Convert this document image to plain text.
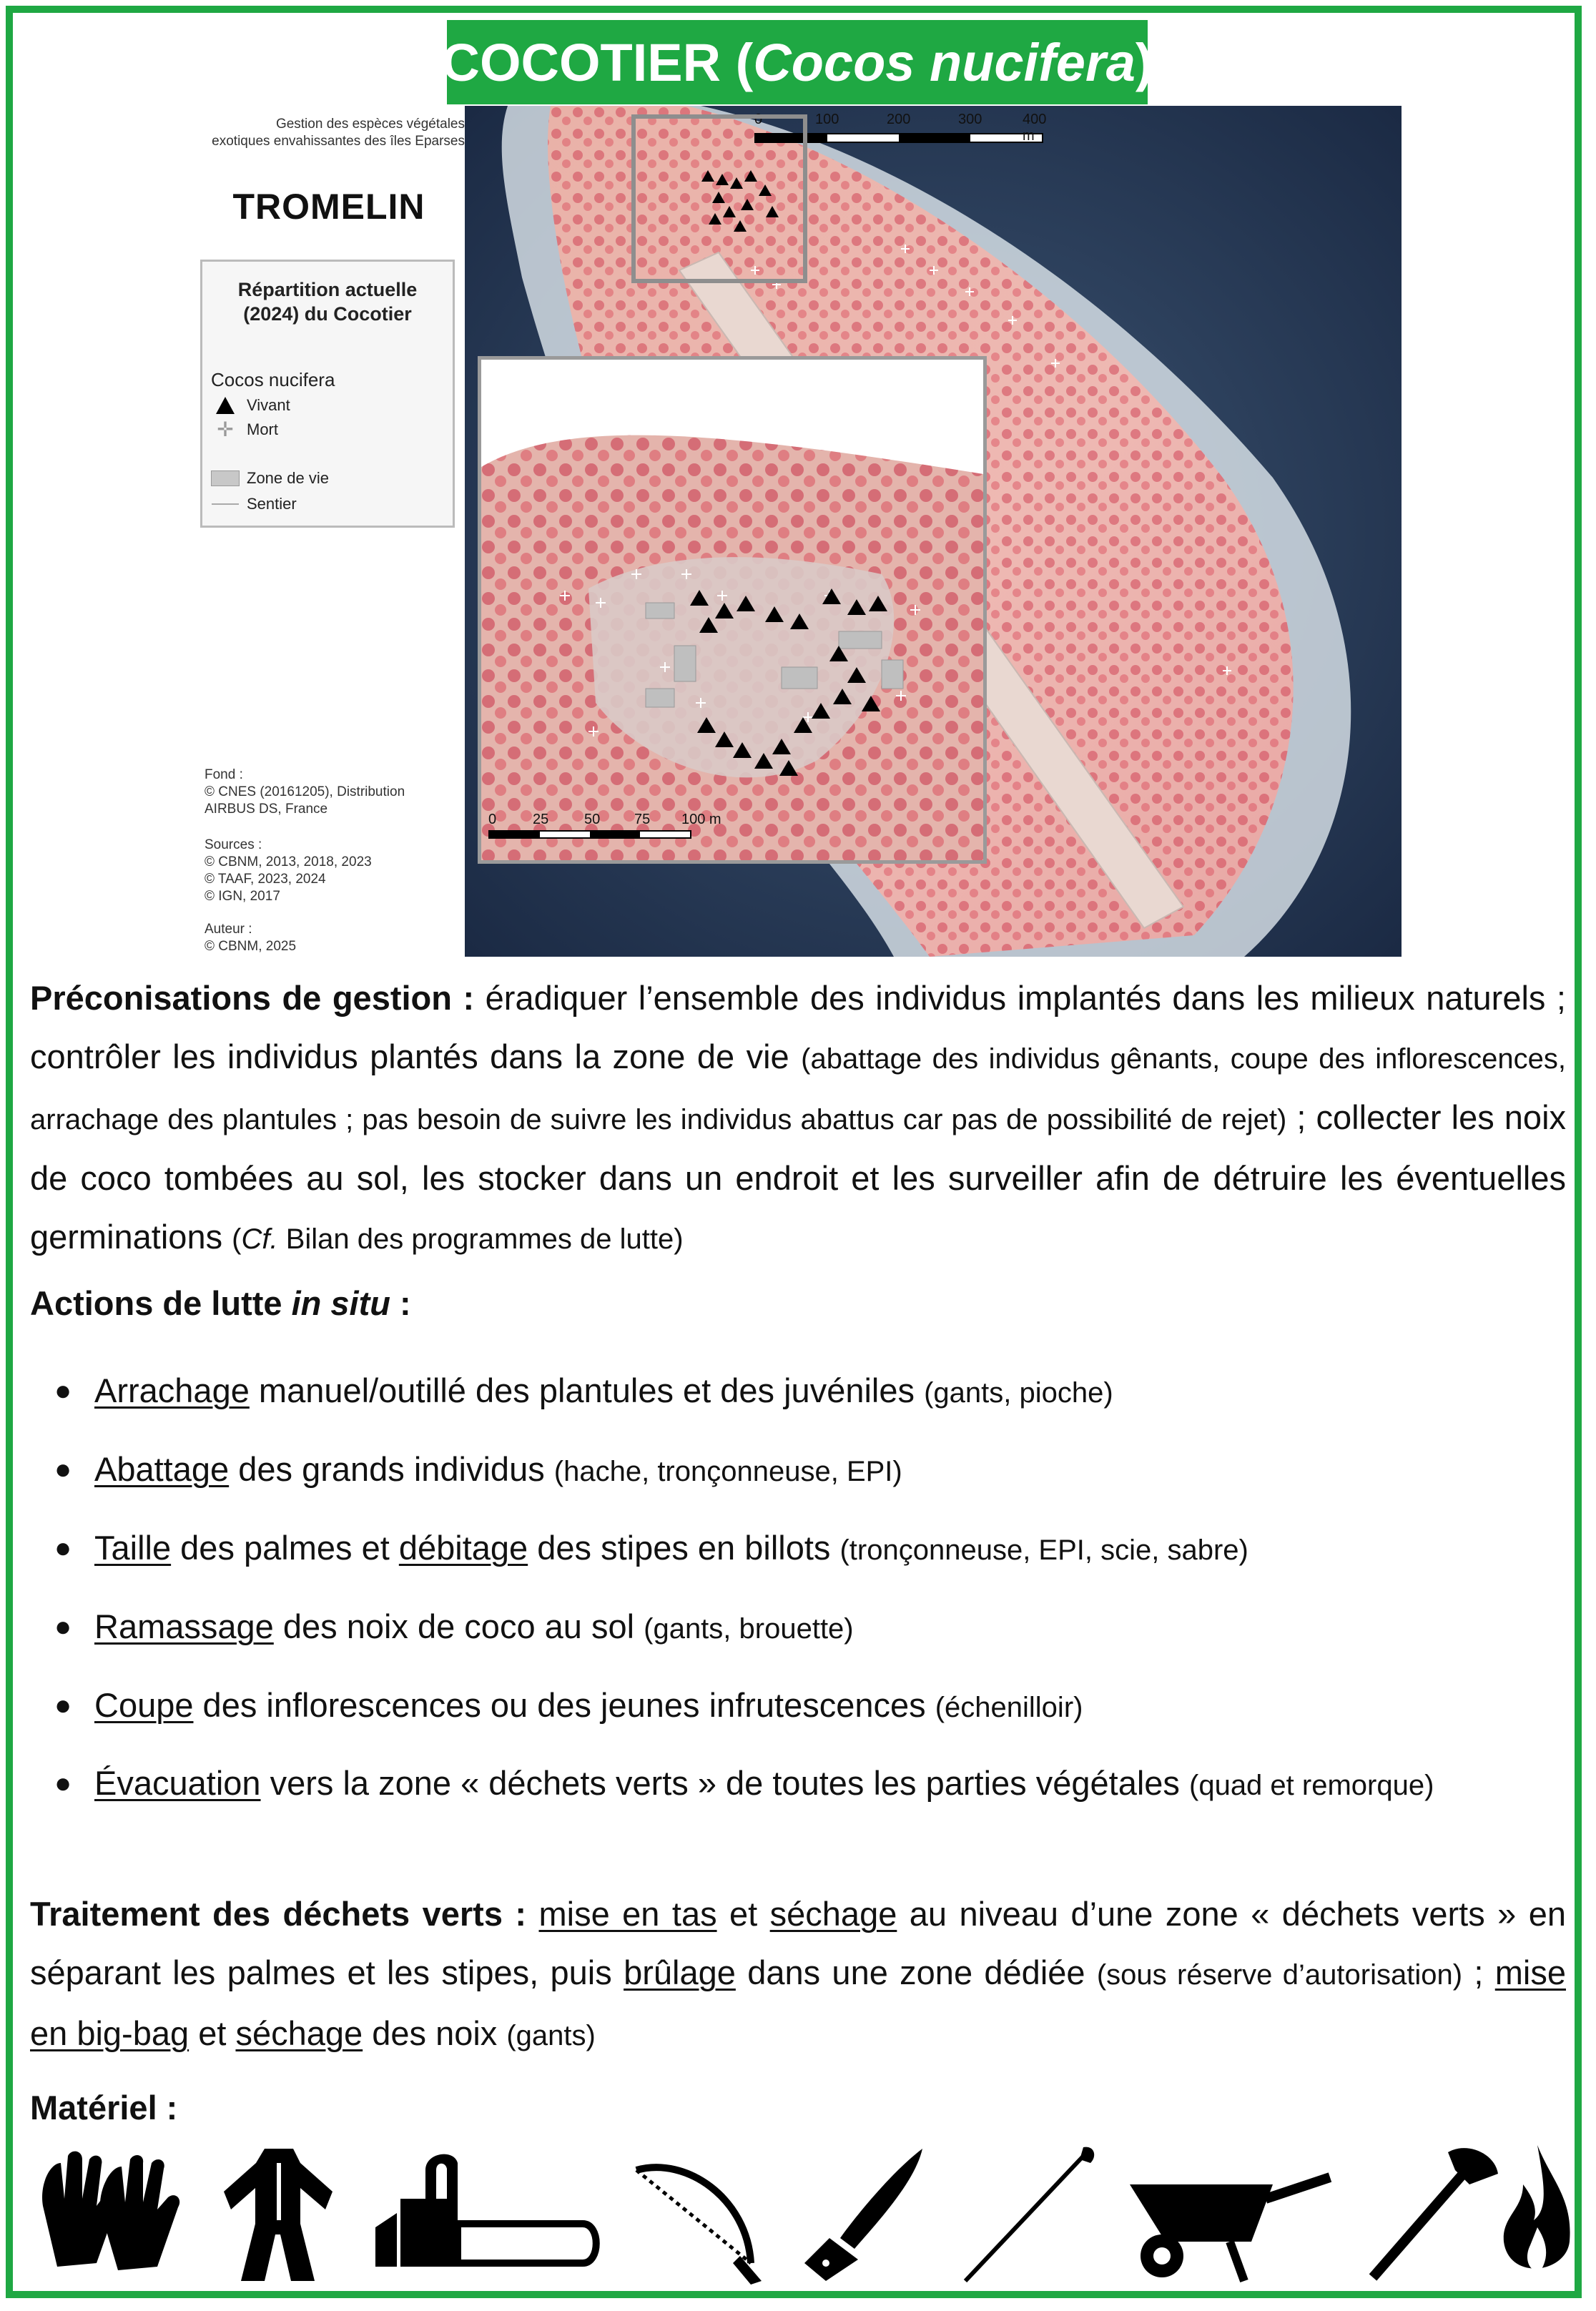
COCOTIER ( Cocos nucifera )
Gestion des espèces végétales
exotiques envahissantes des îles Eparses
TROMELIN
Répartition actuelle
(2024) du Cocotier
Cocos nucifera
Vivant
✛ Mort
Zone de vie
Sentier
Fond :
© CNES (20161205), Distribution
AIRBUS DS, France
Sources :
© CBNM, 2013, 2018, 2023
© TAAF, 2023, 2024
© IGN, 2017
Auteur :
© CBNM, 2025
0	100	200	300	400 m
0	25 50 75 100 m
Préconisations de gestion : éradiquer l’ensemble des individus implantés dans les milieux naturels ; contrôler les individus plantés dans la zone de vie (abattage des individus gênants, coupe des inflorescences, arrachage des plantules ; pas besoin de suivre les individus abattus car pas de possibilité de rejet) ; collecter les noix de coco tombées au sol, les stocker dans un endroit et les surveiller afin de détruire les éventuelles germinations (Cf. Bilan des programmes de lutte)
Actions de lutte in situ :
● Arrachage manuel/outillé des plantules et des juvéniles (gants, pioche)
● Abattage des grands individus (hache, tronçonneuse, EPI)
● Taille des palmes et débitage des stipes en billots (tronçonneuse, EPI, scie, sabre)
● Ramassage des noix de coco au sol (gants, brouette)
● Coupe des inflorescences ou des jeunes infrutescences (échenilloir)
● Évacuation vers la zone « déchets verts » de toutes les parties végétales (quad et remorque)
Traitement des déchets verts : mise en tas et séchage au niveau d’une zone « déchets verts » en séparant les palmes et les stipes, puis brûlage dans une zone dédiée (sous réserve d’autorisation) ; mise en big-bag et séchage des noix (gants)
Matériel :
